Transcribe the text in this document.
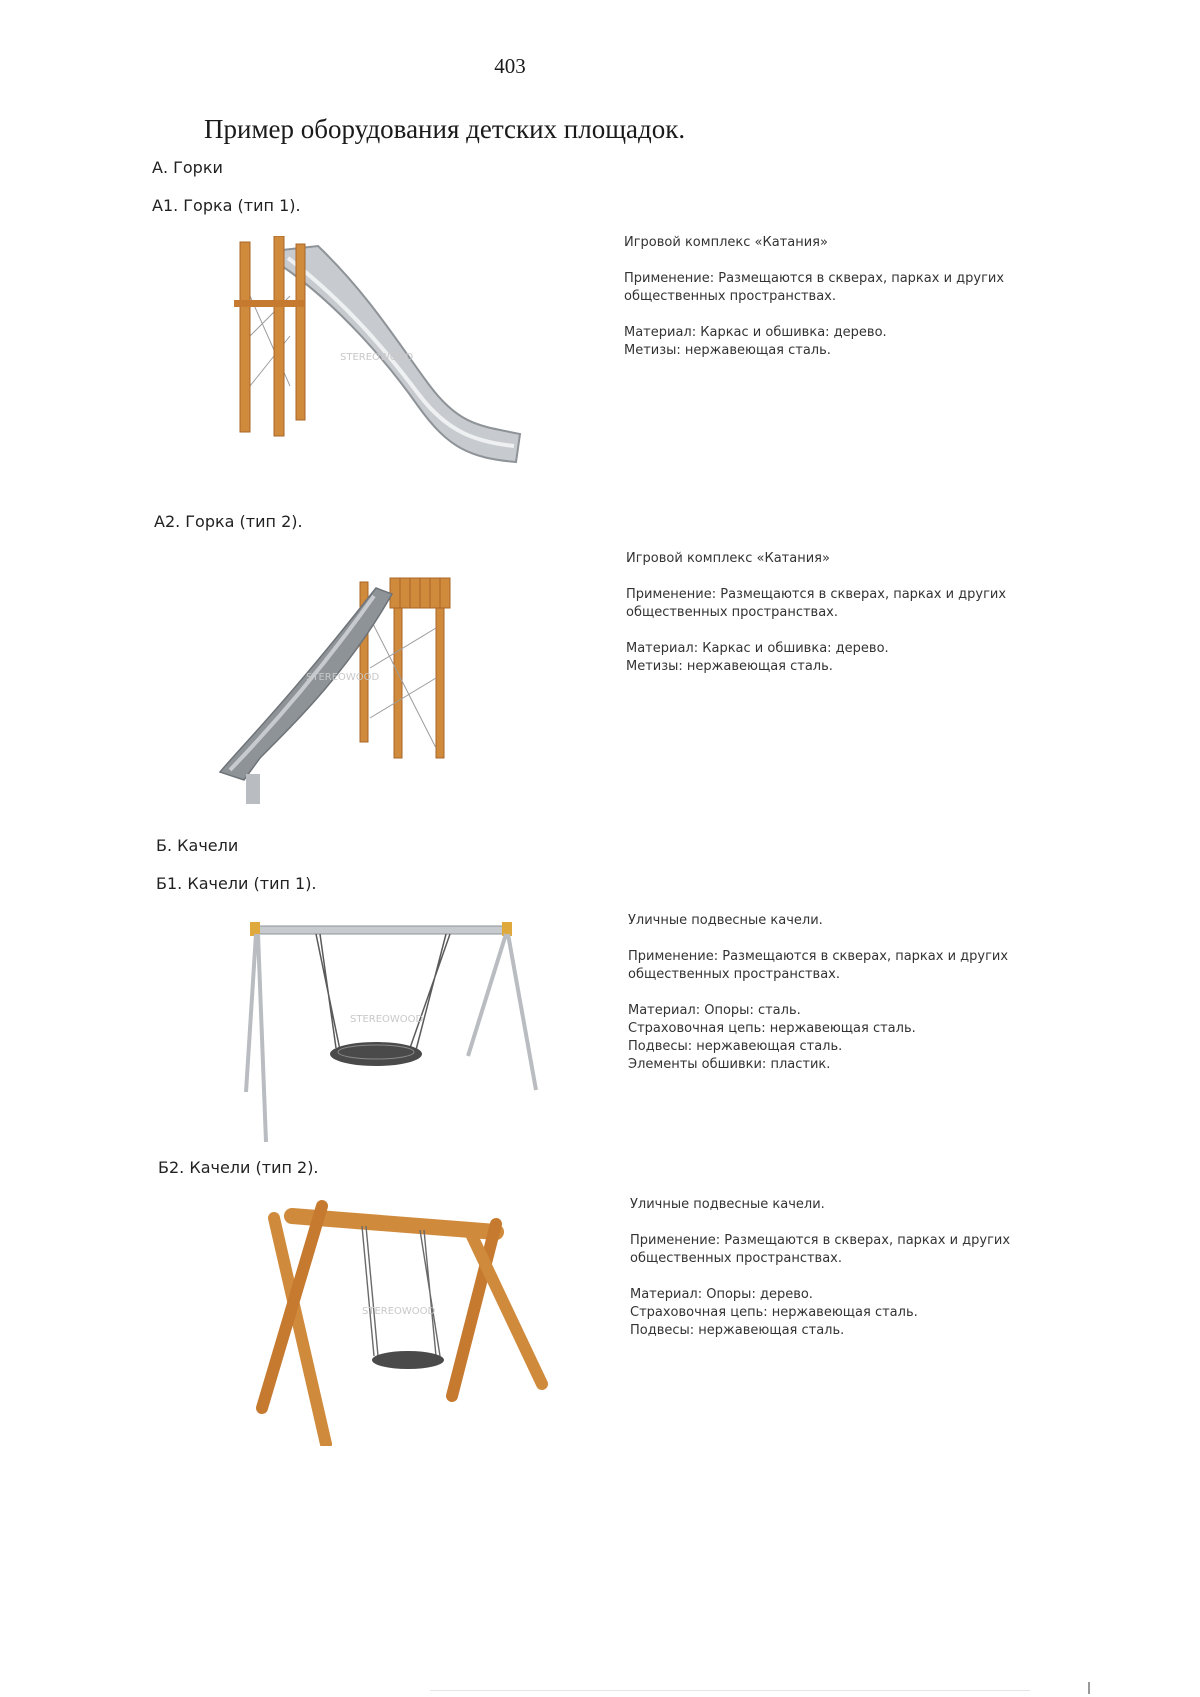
403
Пример оборудования детских площадок.
А. Горки
А1. Горка (тип 1).

Игровой комплекс «Катания»

Применение: Размещаются в скверах, парках и других
общественных пространствах.

Материал: Каркас и обшивка: дерево.
Метизы: нержавеющая сталь.

STEREOWOOD
А2. Горка (тип 2).

Игровой комплекс «Катания»

Применение: Размещаются в скверах, парках и других
общественных пространствах.

Материал: Каркас и обшивка: дерево.
Метизы: нержавеющая сталь.

STEREOWOOD
Б. Качели
Б1. Качели (тип 1).

Уличные подвесные качели.

Применение: Размещаются в скверах, парках и других
общественных пространствах.

Материал: Опоры: сталь.
Страховочная цепь: нержавеющая сталь.
Подвесы: нержавеющая сталь.
Элементы обшивки: пластик.

STEREOWOOD
Б2. Качели (тип 2).

Уличные подвесные качели.

Применение: Размещаются в скверах, парках и других
общественных пространствах.

Материал: Опоры: дерево.
Страховочная цепь: нержавеющая сталь.
Подвесы: нержавеющая сталь.

STEREOWOOD
